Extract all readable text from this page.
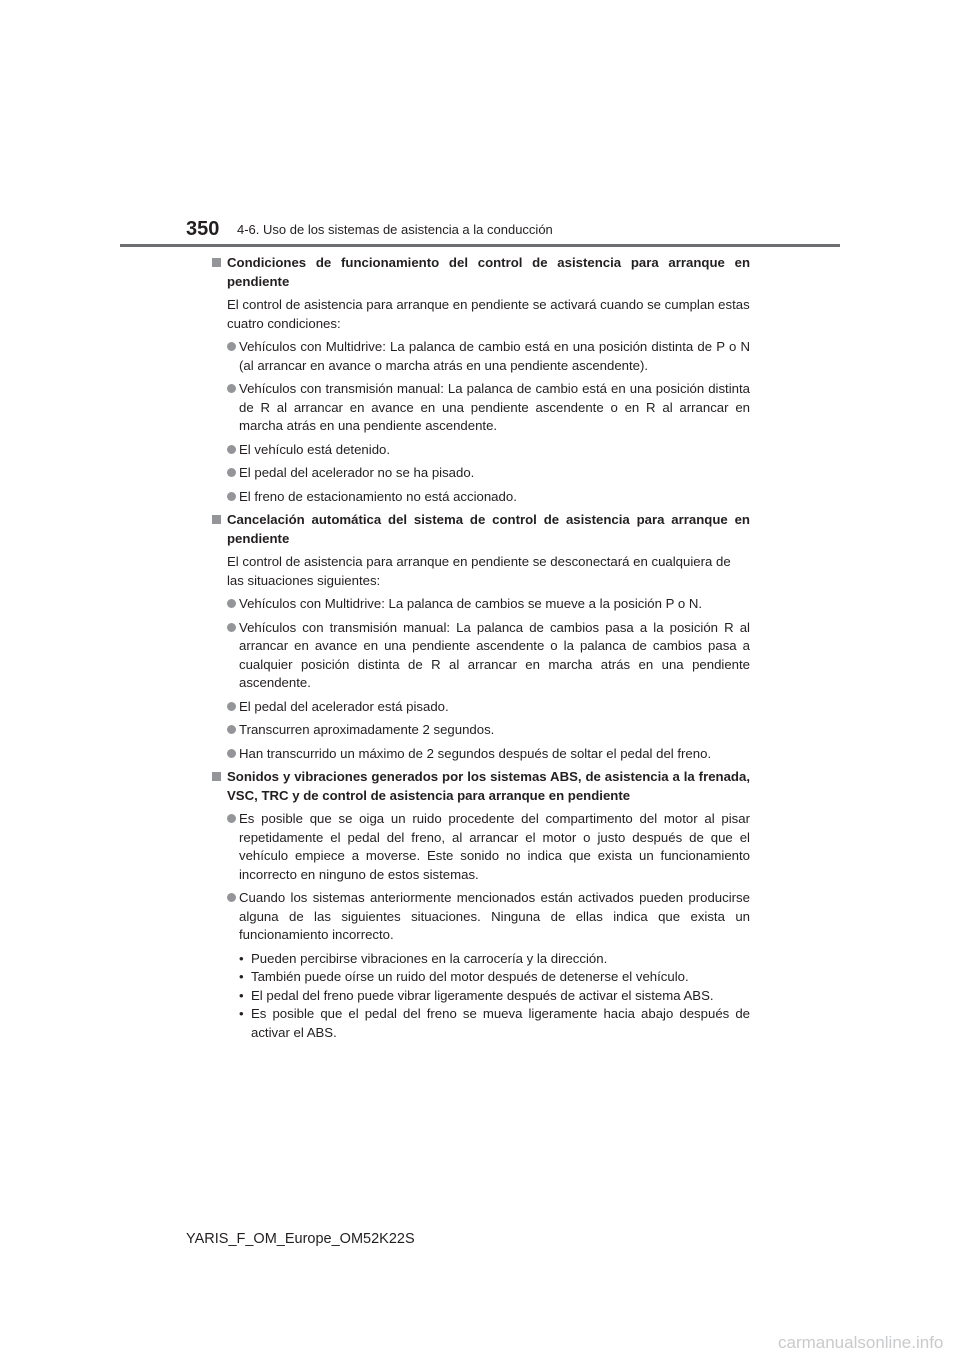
350 4-6. Uso de los sistemas de asistencia a la conducción
Condiciones de funcionamiento del control de asistencia para arranque en pendiente
El control de asistencia para arranque en pendiente se activará cuando se cumplan estas cuatro condiciones:
Vehículos con Multidrive: La palanca de cambio está en una posición distinta de P o N (al arrancar en avance o marcha atrás en una pendiente ascendente).
Vehículos con transmisión manual: La palanca de cambio está en una posición distinta de R al arrancar en avance en una pendiente ascendente o en R al arrancar en marcha atrás en una pendiente ascendente.
El vehículo está detenido.
El pedal del acelerador no se ha pisado.
El freno de estacionamiento no está accionado.
Cancelación automática del sistema de control de asistencia para arranque en pendiente
El control de asistencia para arranque en pendiente se desconectará en cualquiera de las situaciones siguientes:
Vehículos con Multidrive: La palanca de cambios se mueve a la posición P o N.
Vehículos con transmisión manual: La palanca de cambios pasa a la posición R al arrancar en avance en una pendiente ascendente o la palanca de cambios pasa a cualquier posición distinta de R al arrancar en marcha atrás en una pendiente ascendente.
El pedal del acelerador está pisado.
Transcurren aproximadamente 2 segundos.
Han transcurrido un máximo de 2 segundos después de soltar el pedal del freno.
Sonidos y vibraciones generados por los sistemas ABS, de asistencia a la frenada, VSC, TRC y de control de asistencia para arranque en pendiente
Es posible que se oiga un ruido procedente del compartimento del motor al pisar repetidamente el pedal del freno, al arrancar el motor o justo después de que el vehículo empiece a moverse. Este sonido no indica que exista un funcionamiento incorrecto en ninguno de estos sistemas.
Cuando los sistemas anteriormente mencionados están activados pueden producirse alguna de las siguientes situaciones. Ninguna de ellas indica que exista un funcionamiento incorrecto.
• Pueden percibirse vibraciones en la carrocería y la dirección.
• También puede oírse un ruido del motor después de detenerse el vehículo.
• El pedal del freno puede vibrar ligeramente después de activar el sistema ABS.
• Es posible que el pedal del freno se mueva ligeramente hacia abajo después de activar el ABS.
YARIS_F_OM_Europe_OM52K22S
carmanualsonline.info
